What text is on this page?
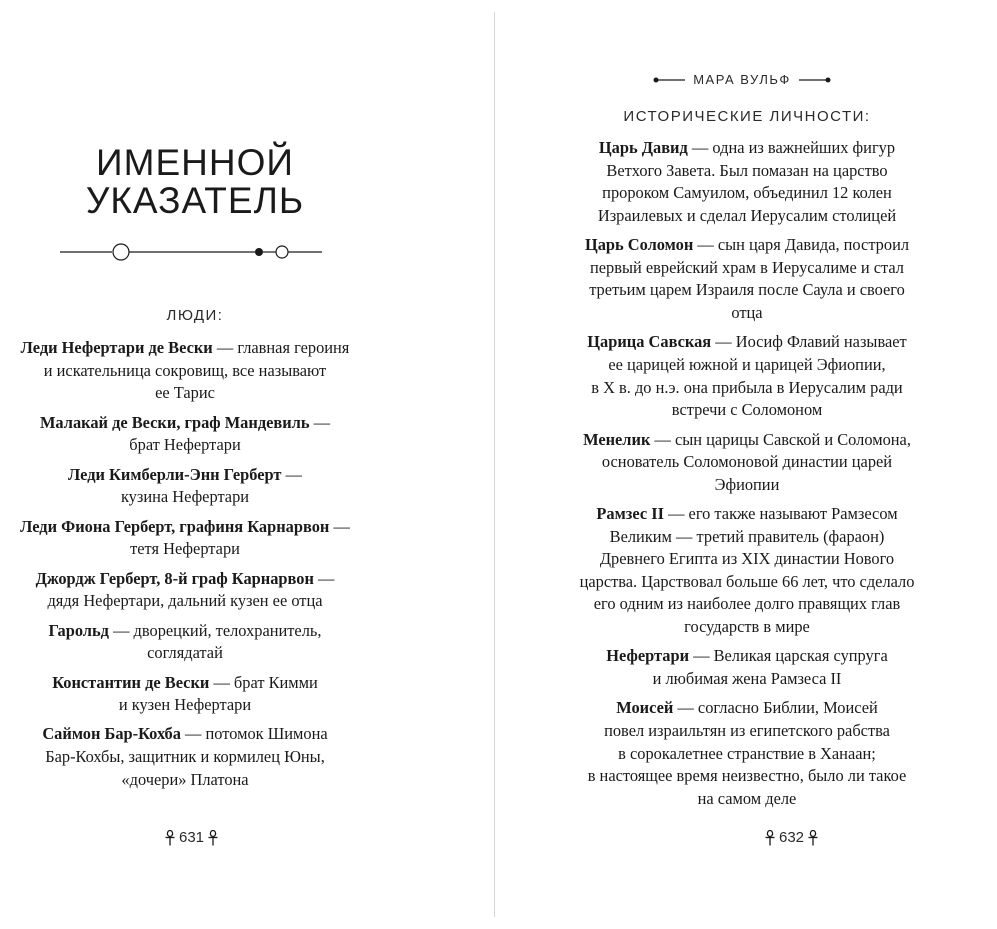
ИМЕННОЙ
УКАЗАТЕЛЬ
ЛЮДИ:
Леди Нефертари де Вески — главная героиня
и искательница сокровищ, все называют
ее Тарис
Малакай де Вески, граф Мандевиль —
брат Нефертари
Леди Кимберли-Энн Герберт —
кузина Нефертари
Леди Фиона Герберт, графиня Карнарвон —
тетя Нефертари
Джордж Герберт, 8-й граф Карнарвон —
дядя Нефертари, дальний кузен ее отца
Гарольд — дворецкий, телохранитель,
соглядатай
Константин де Вески — брат Кимми
и кузен Нефертари
Саймон Бар-Кохба — потомок Шимона
Бар-Кохбы, защитник и кормилец Юны,
«дочери» Платона
631
МАРА ВУЛЬФ
ИСТОРИЧЕСКИЕ ЛИЧНОСТИ:
Царь Давид — одна из важнейших фигур
Ветхого Завета. Был помазан на царство
пророком Самуилом, объединил 12 колен
Израилевых и сделал Иерусалим столицей
Царь Соломон — сын царя Давида, построил
первый еврейский храм в Иерусалиме и стал
третьим царем Израиля после Саула и своего
отца
Царица Савская — Иосиф Флавий называет
ее царицей южной и царицей Эфиопии,
в X в. до н.э. она прибыла в Иерусалим ради
встречи с Соломоном
Менелик — сын царицы Савской и Соломона,
основатель Соломоновой династии царей
Эфиопии
Рамзес II — его также называют Рамзесом
Великим — третий правитель (фараон)
Древнего Египта из XIX династии Нового
царства. Царствовал больше 66 лет, что сделало
его одним из наиболее долго правящих глав
государств в мире
Нефертари — Великая царская супруга
и любимая жена Рамзеса II
Моисей — согласно Библии, Моисей
повел израильтян из египетского рабства
в сорокалетнее странствие в Ханаан;
в настоящее время неизвестно, было ли такое
на самом деле
632
